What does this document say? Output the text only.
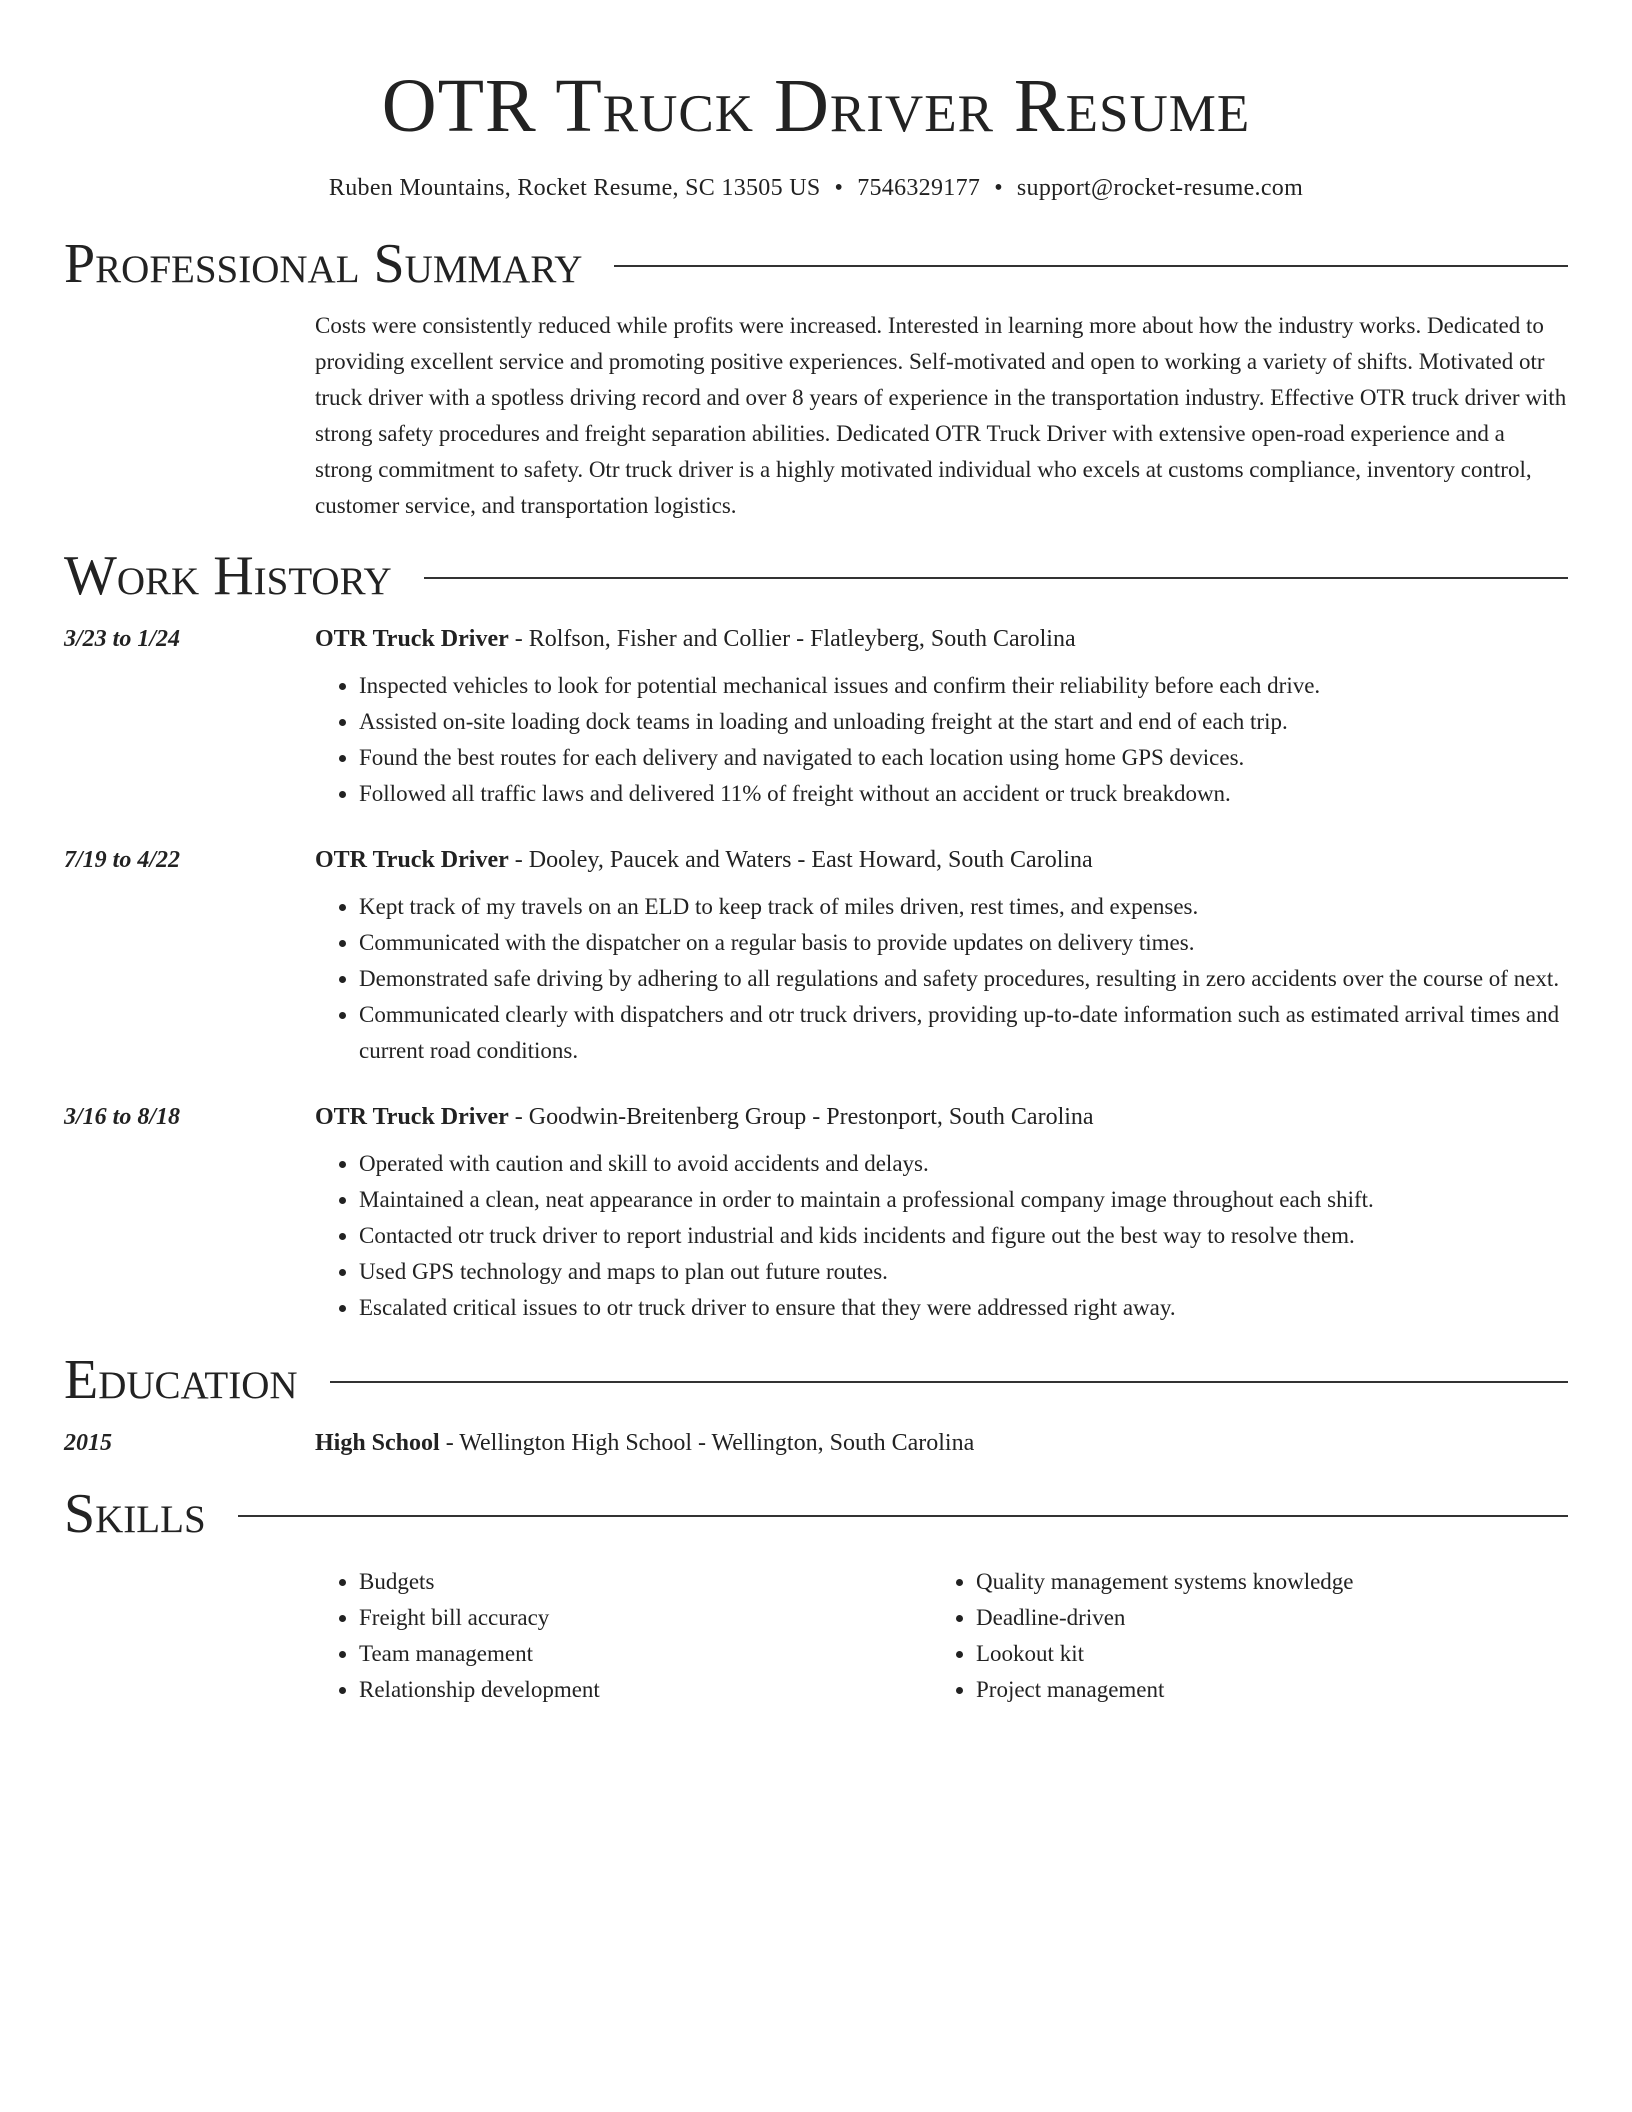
OTR Truck Driver Resume
Ruben Mountains, Rocket Resume, SC 13505 US • 7546329177 • support@rocket-resume.com
Professional Summary
Costs were consistently reduced while profits were increased. Interested in learning more about how the industry works. Dedicated to providing excellent service and promoting positive experiences. Self-motivated and open to working a variety of shifts. Motivated otr truck driver with a spotless driving record and over 8 years of experience in the transportation industry. Effective OTR truck driver with strong safety procedures and freight separation abilities. Dedicated OTR Truck Driver with extensive open-road experience and a strong commitment to safety. Otr truck driver is a highly motivated individual who excels at customs compliance, inventory control, customer service, and transportation logistics.
Work History
3/23 to 1/24	OTR Truck Driver - Rolfson, Fisher and Collier - Flatleyberg, South Carolina
• Inspected vehicles to look for potential mechanical issues and confirm their reliability before each drive.
• Assisted on-site loading dock teams in loading and unloading freight at the start and end of each trip.
• Found the best routes for each delivery and navigated to each location using home GPS devices.
• Followed all traffic laws and delivered 11% of freight without an accident or truck breakdown.
7/19 to 4/22	OTR Truck Driver - Dooley, Paucek and Waters - East Howard, South Carolina
• Kept track of my travels on an ELD to keep track of miles driven, rest times, and expenses.
• Communicated with the dispatcher on a regular basis to provide updates on delivery times.
• Demonstrated safe driving by adhering to all regulations and safety procedures, resulting in zero accidents over the course of next.
• Communicated clearly with dispatchers and otr truck drivers, providing up-to-date information such as estimated arrival times and current road conditions.
3/16 to 8/18	OTR Truck Driver - Goodwin-Breitenberg Group - Prestonport, South Carolina
• Operated with caution and skill to avoid accidents and delays.
• Maintained a clean, neat appearance in order to maintain a professional company image throughout each shift.
• Contacted otr truck driver to report industrial and kids incidents and figure out the best way to resolve them.
• Used GPS technology and maps to plan out future routes.
• Escalated critical issues to otr truck driver to ensure that they were addressed right away.
Education
2015	High School - Wellington High School - Wellington, South Carolina
Skills
• Budgets
• Freight bill accuracy
• Team management
• Relationship development
• Quality management systems knowledge
• Deadline-driven
• Lookout kit
• Project management
